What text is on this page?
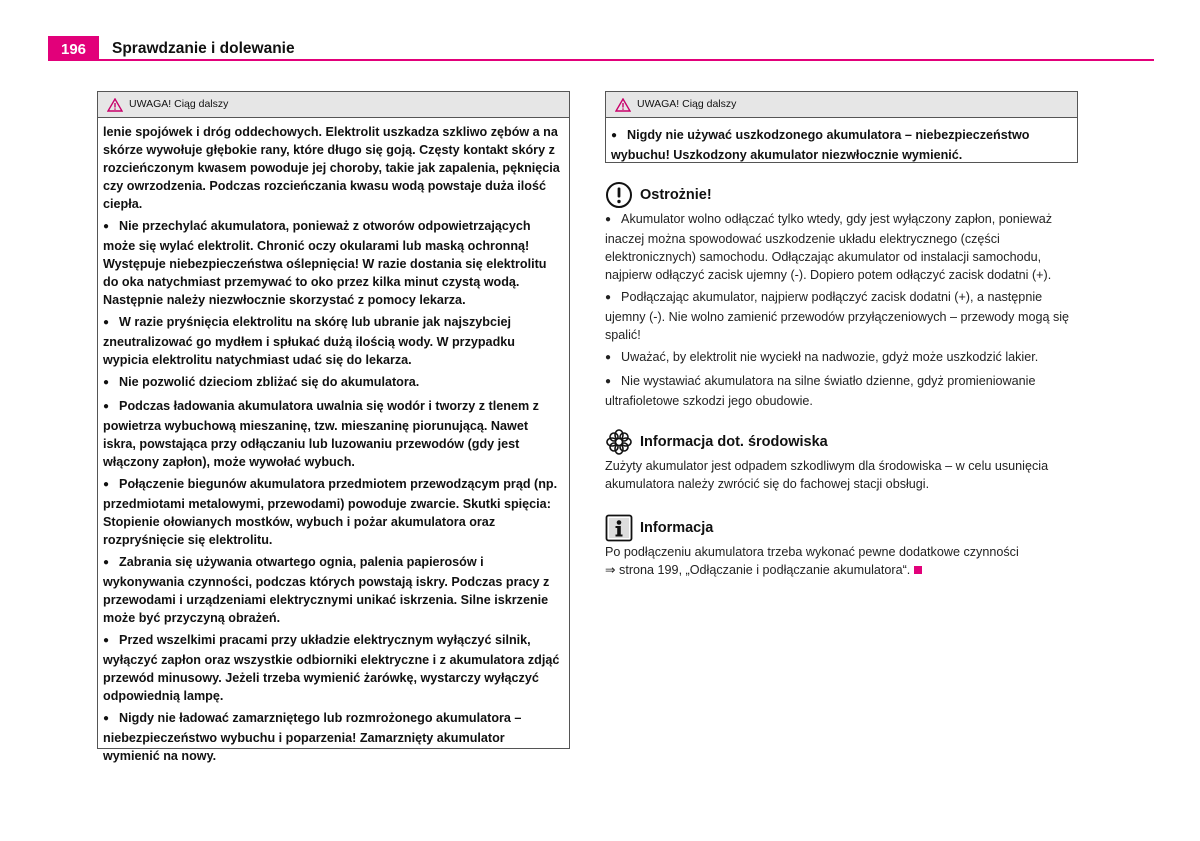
196	Sprawdzanie i dolewanie
UWAGA! Ciąg dalszy

lenie spojówek i dróg oddechowych. Elektrolit uszkadza szkliwo zębów a na skórze wywołuje głębokie rany, które długo się goją. Częsty kontakt skóry z rozcieńczonym kwasem powoduje jej choroby, takie jak zapalenia, pęknięcia czy owrzodzenia. Podczas rozcieńczania kwasu wodą powstaje duża ilość ciepła.

● Nie przechylać akumulatora, ponieważ z otworów odpowietrzających może się wylać elektrolit. Chronić oczy okularami lub maską ochronną! Występuje niebezpieczeństwa oślepnięcia! W razie dostania się elektrolitu do oka natychmiast przemywać to oko przez kilka minut czystą wodą. Następnie należy niezwłocznie skorzystać z pomocy lekarza.

● W razie pryśnięcia elektrolitu na skórę lub ubranie jak najszybciej zneutralizować go mydłem i spłukać dużą ilością wody. W przypadku wypicia elektrolitu natychmiast udać się do lekarza.

● Nie pozwolić dzieciom zbliżać się do akumulatora.

● Podczas ładowania akumulatora uwalnia się wodór i tworzy z tlenem z powietrza wybuchową mieszaninę, tzw. mieszaninę piorunującą. Nawet iskra, powstająca przy odłączaniu lub luzowaniu przewodów (gdy jest włączony zapłon), może wywołać wybuch.

● Połączenie biegunów akumulatora przedmiotem przewodzącym prąd (np. przedmiotami metalowymi, przewodami) powoduje zwarcie. Skutki spięcia: Stopienie ołowianych mostków, wybuch i pożar akumulatora oraz rozpryśnięcie się elektrolitu.

● Zabrania się używania otwartego ognia, palenia papierosów i wykonywania czynności, podczas których powstają iskry. Podczas pracy z przewodami i urządzeniami elektrycznymi unikać iskrzenia. Silne iskrzenie może być przyczyną obrażeń.

● Przed wszelkimi pracami przy układzie elektrycznym wyłączyć silnik, wyłączyć zapłon oraz wszystkie odbiorniki elektryczne i z akumulatora zdjąć przewód minusowy. Jeżeli trzeba wymienić żarówkę, wystarczy wyłączyć odpowiednią lampę.

● Nigdy nie ładować zamarzniętego lub rozmrożonego akumulatora – niebezpieczeństwo wybuchu i poparzenia! Zamarznięty akumulator wymienić na nowy.

UWAGA! Ciąg dalszy

● Nigdy nie używać uszkodzonego akumulatora – niebezpieczeństwo wybuchu! Uszkodzony akumulator niezwłocznie wymienić.

Ostrożnie!

● Akumulator wolno odłączać tylko wtedy, gdy jest wyłączony zapłon, ponieważ inaczej można spowodować uszkodzenie układu elektrycznego (części elektronicznych) samochodu. Odłączając akumulator od instalacji samochodu, najpierw odłączyć zacisk ujemny (-). Dopiero potem odłączyć zacisk dodatni (+).

● Podłączając akumulator, najpierw podłączyć zacisk dodatni (+), a następnie ujemny (-). Nie wolno zamienić przewodów przyłączeniowych – przewody mogą się spalić!

● Uważać, by elektrolit nie wyciekł na nadwozie, gdyż może uszkodzić lakier.

● Nie wystawiać akumulatora na silne światło dzienne, gdyż promieniowanie ultrafioletowe szkodzi jego obudowie.

Informacja dot. środowiska

Zużyty akumulator jest odpadem szkodliwym dla środowiska – w celu usunięcia akumulatora należy zwrócić się do fachowej stacji obsługi.

Informacja
Po podłączeniu akumulatora trzeba wykonać pewne dodatkowe czynności
⇒ strona 199, „Odłączanie i podłączanie akumulatora“.
